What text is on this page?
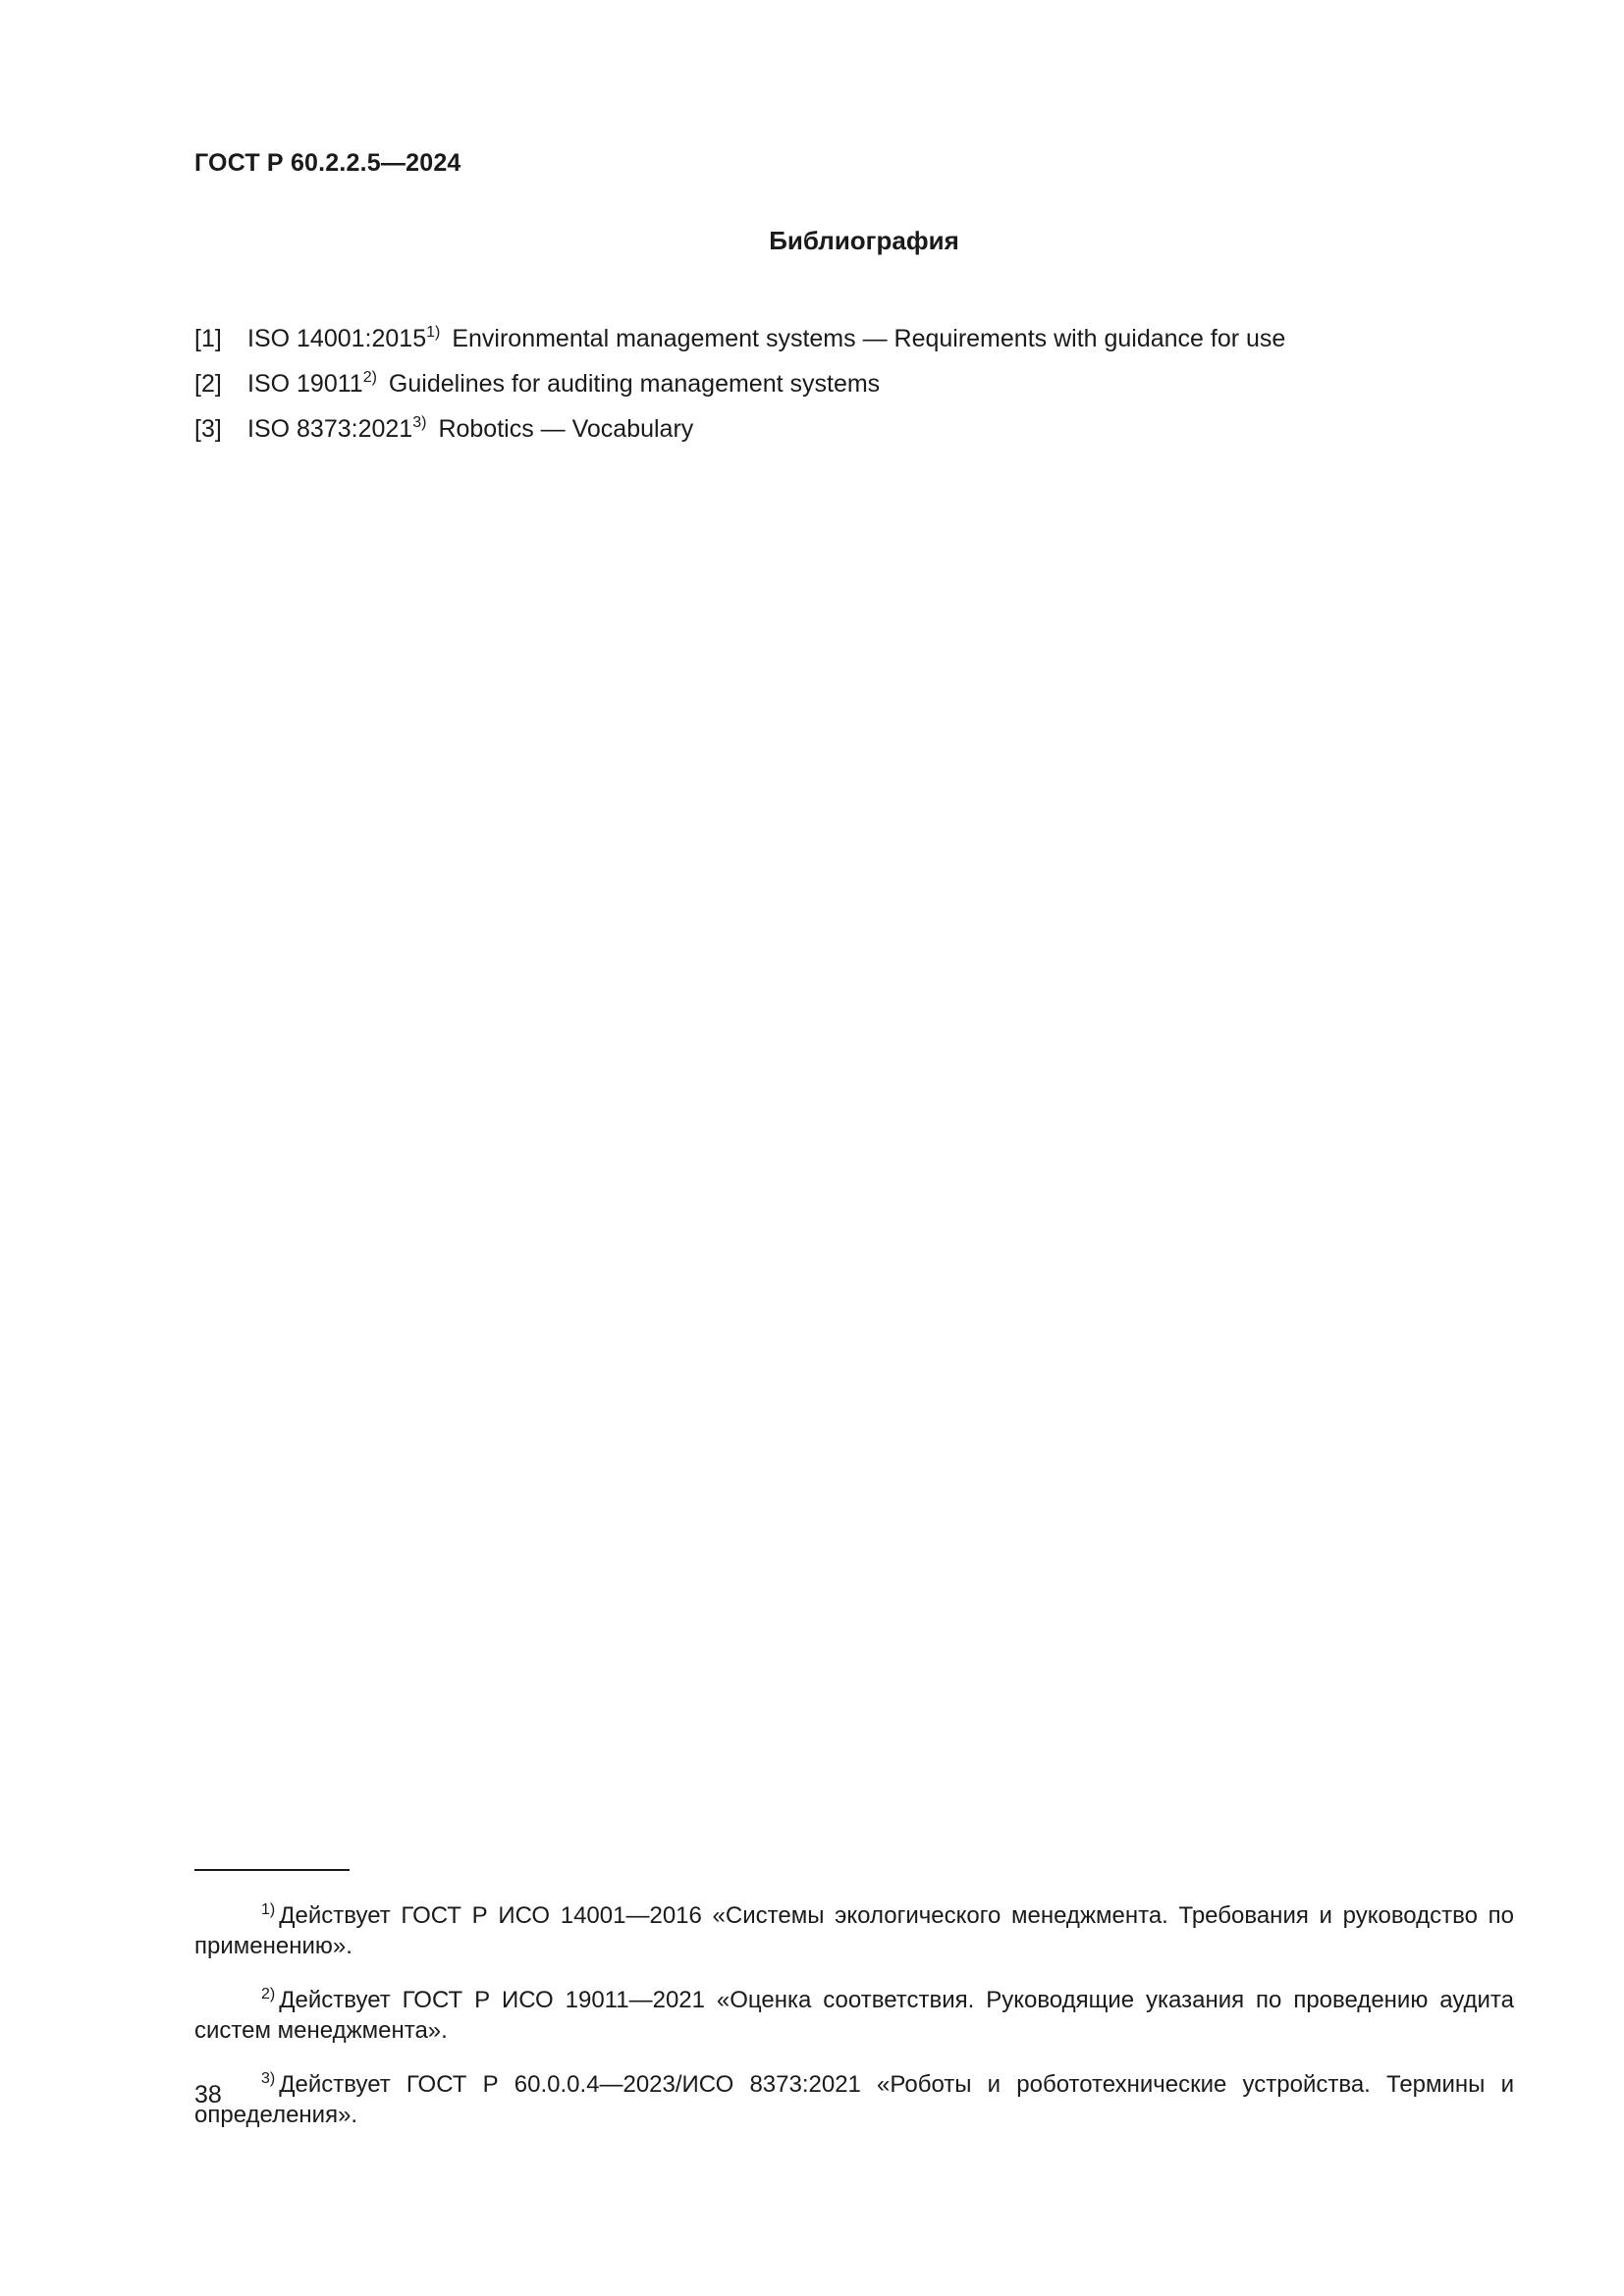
ГОСТ Р 60.2.2.5—2024
Библиография
[1] ISO 14001:2015$^{1)}$ Environmental management systems — Requirements with guidance for use
[2] ISO 19011$^{2)}$ Guidelines for auditing management systems
[3] ISO 8373:2021$^{3)}$ Robotics — Vocabulary

$^{1)}$ Действует ГОСТ Р ИСО 14001—2016 «Системы экологического менеджмента. Требования и руководство по применению».

$^{2)}$ Действует ГОСТ Р ИСО 19011—2021 «Оценка соответствия. Руководящие указания по проведению аудита систем менеджмента».

$^{3)}$ Действует ГОСТ Р 60.0.0.4—2023/ИСО 8373:2021 «Роботы и робототехнические устройства. Термины и определения».

38
